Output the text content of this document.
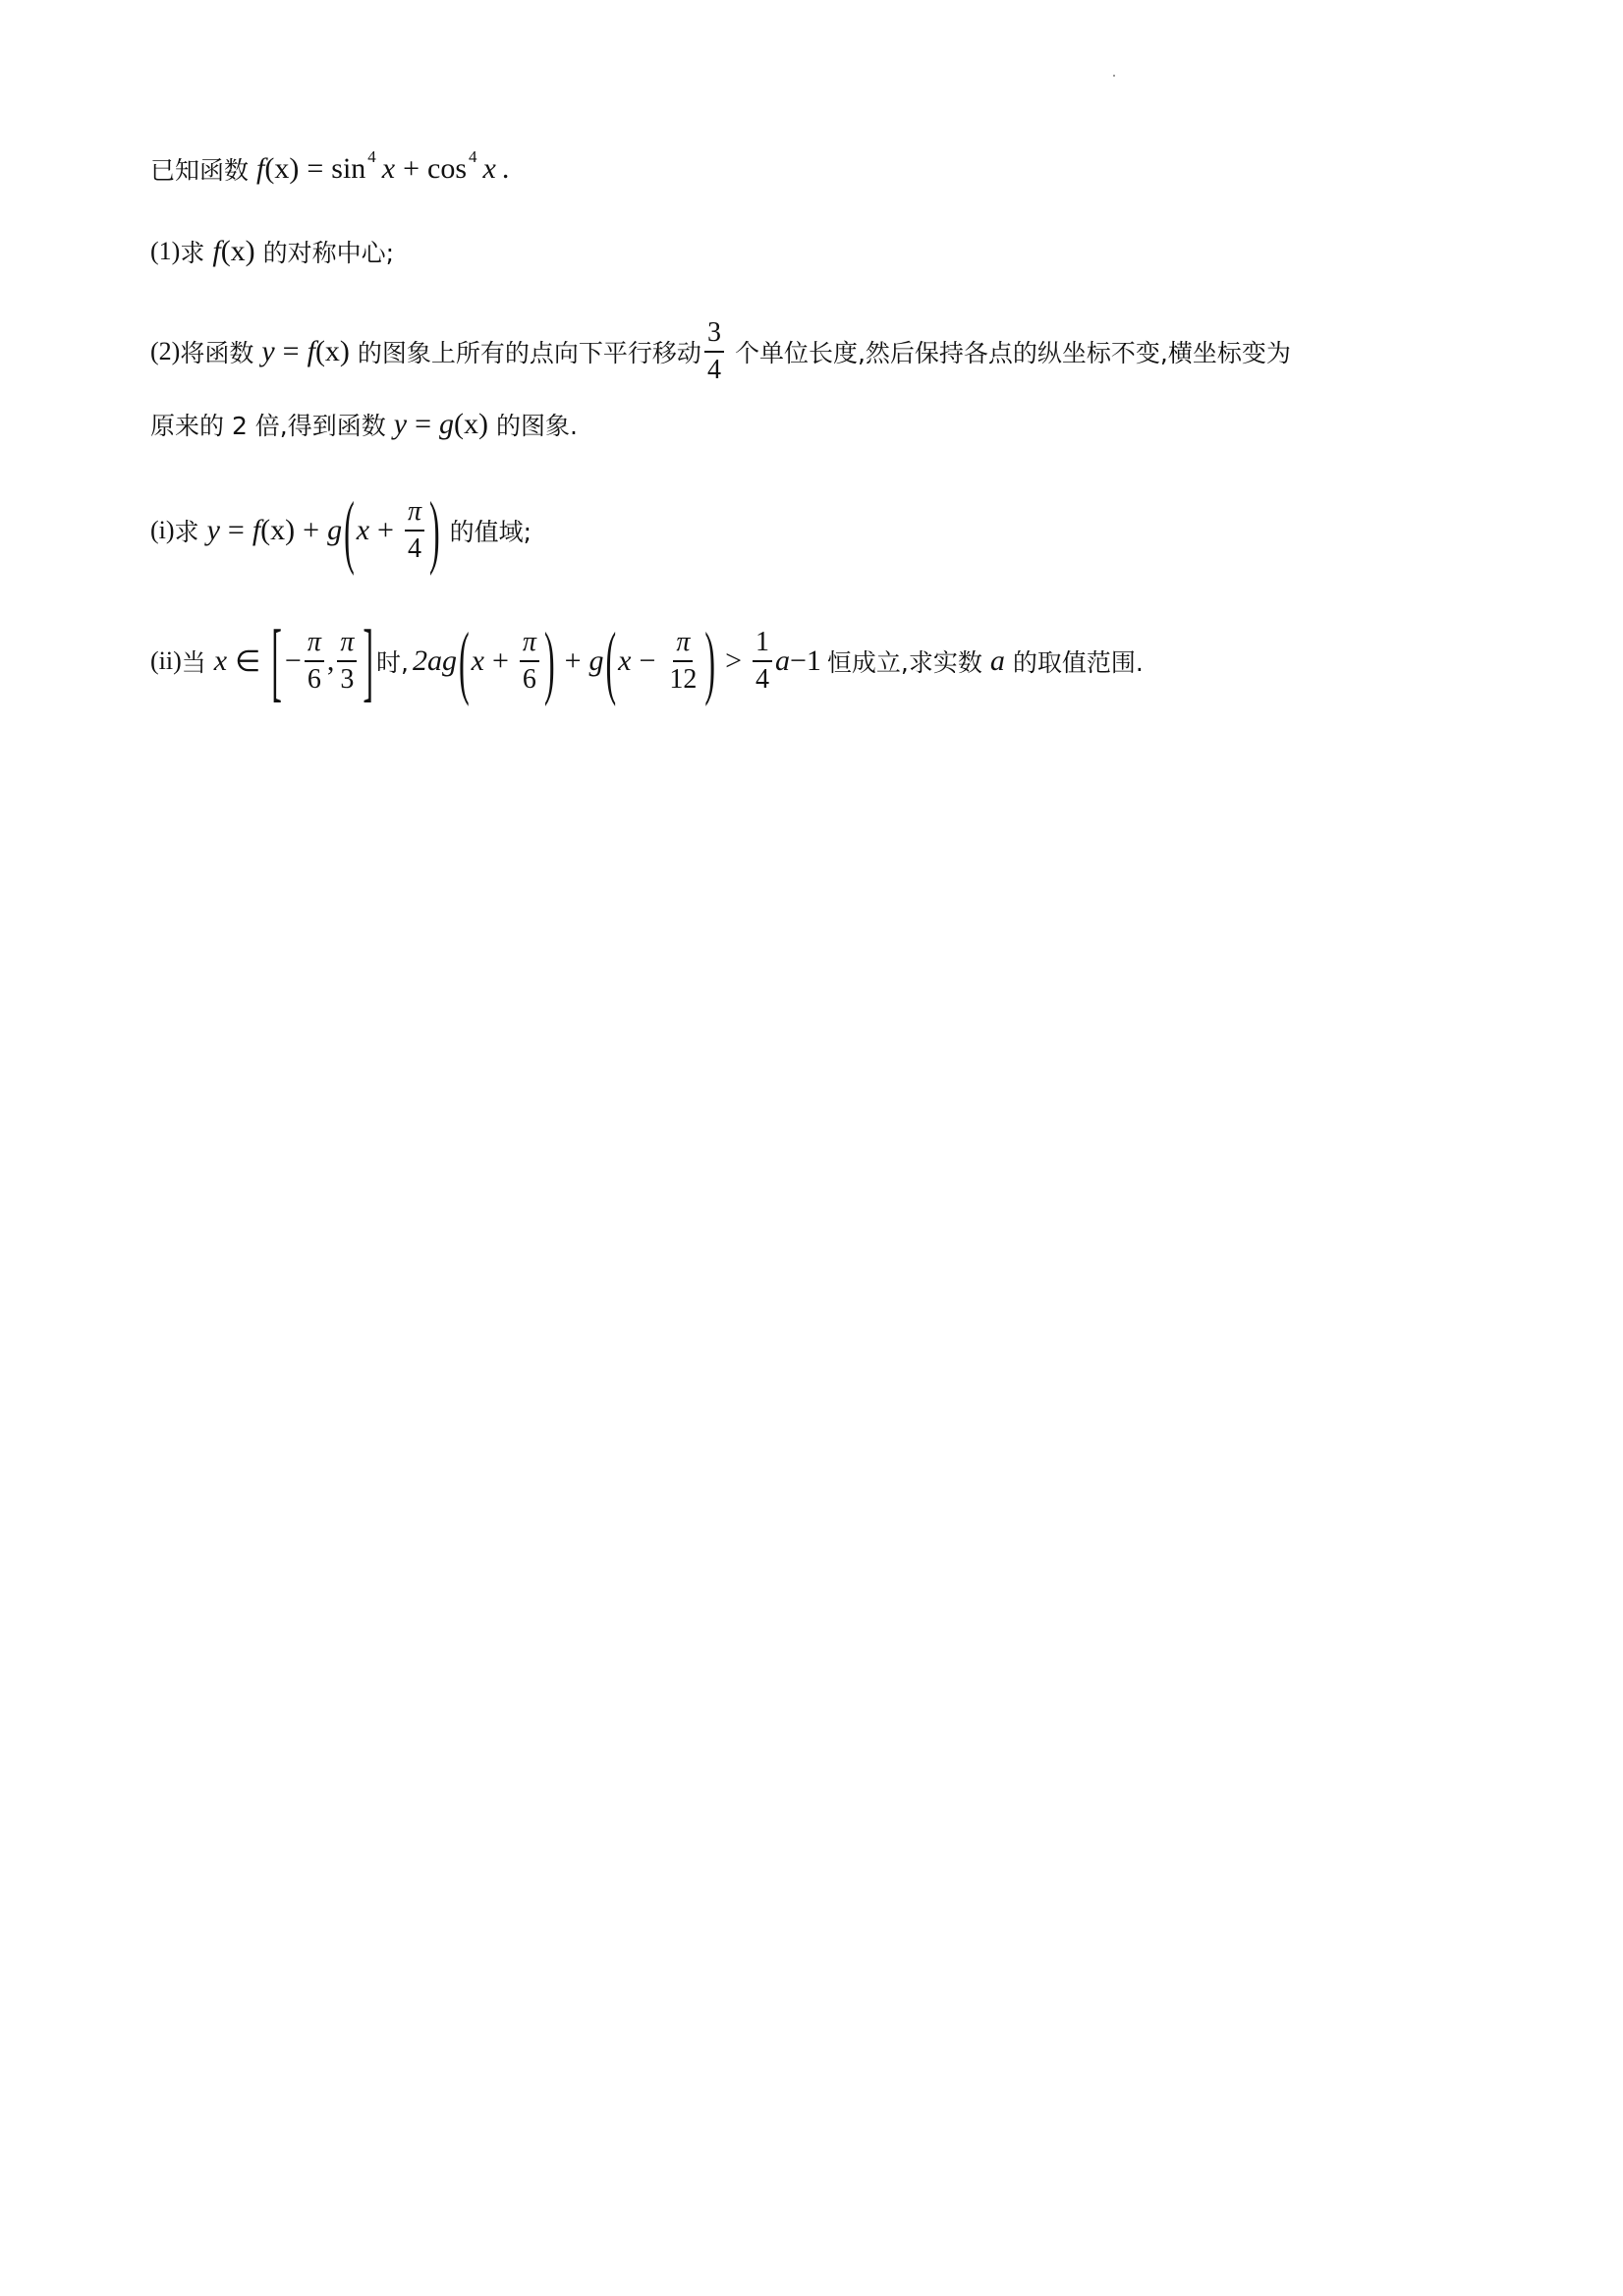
已知函数 f (x) = sin 4 x + cos 4 x .
(1) 求 f (x) 的对称中心;
(2) 将函数 y = f (x) 的图象上所有的点向下平行移动 $\frac{3}{4}$ 个单位长度,然后保持各点的纵坐标不变,横坐标变为
原来的 2 倍,得到函数 y = g (x) 的图象.
(i) 求 y = f (x) + g ( $x + \frac{\pi}{4}$ ) 的值域;
(ii) 当 x ∈ [ − $\frac{\pi}{6}$ , $\frac{\pi}{3}$ ] 时, 2a g ( $x + \frac{\pi}{6}$ ) + g ( $x - \frac{\pi}{12}$ ) > $\frac{1}{4}$ a −1 恒成立,求实数 a 的取值范围.
